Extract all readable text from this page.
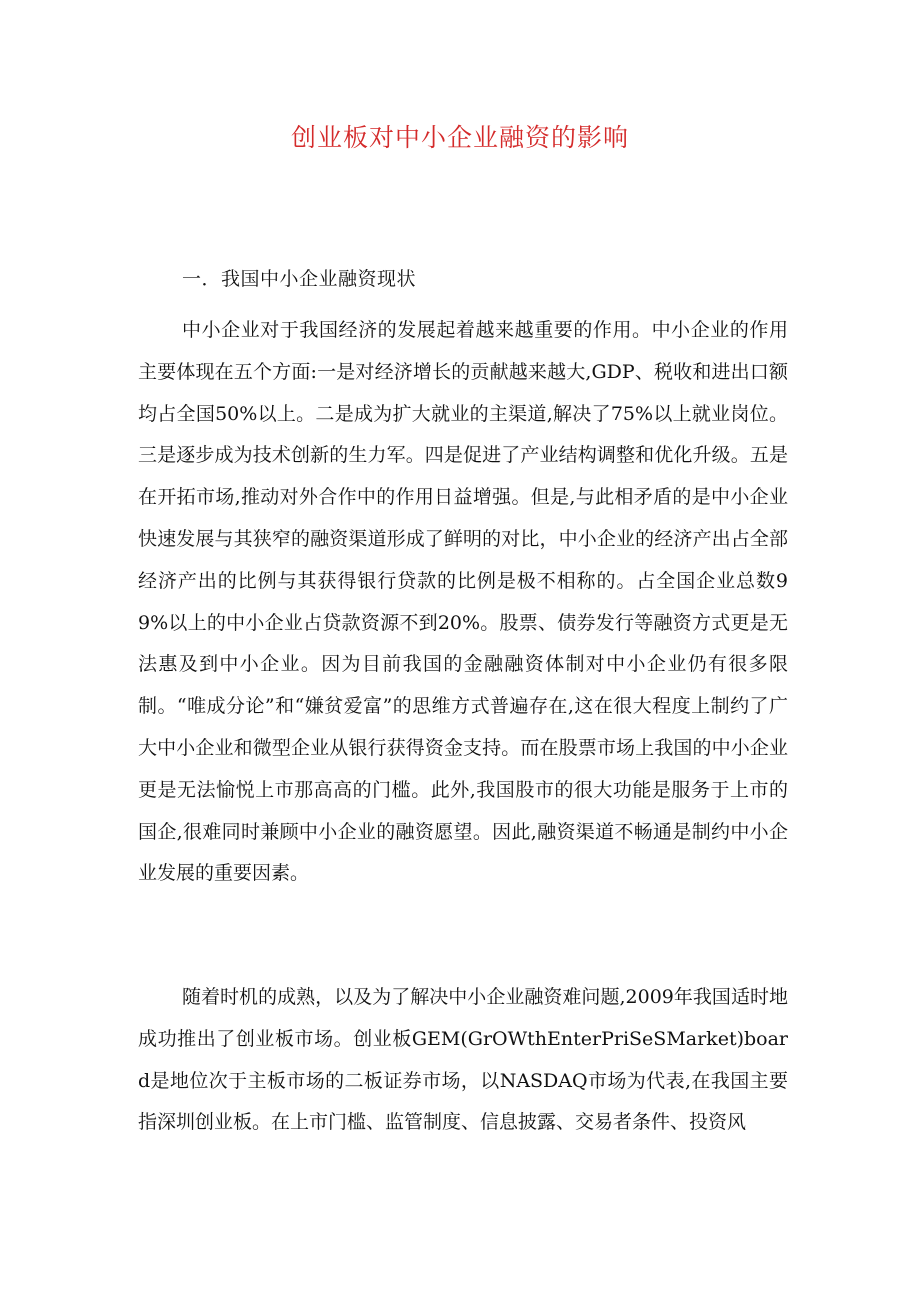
创业板对中小企业融资的影响
一．我国中小企业融资现状

中小企业对于我国经济的发展起着越来越重要的作用。中小企业的作用主要体现在五个方面:一是对经济增长的贡献越来越大,GDP、税收和进出口额均占全国50%以上。二是成为扩大就业的主渠道,解决了75%以上就业岗位。三是逐步成为技术创新的生力军。四是促进了产业结构调整和优化升级。五是在开拓市场,推动对外合作中的作用日益增强。但是,与此相矛盾的是中小企业快速发展与其狭窄的融资渠道形成了鲜明的对比，中小企业的经济产出占全部经济产出的比例与其获得银行贷款的比例是极不相称的。占全国企业总数99%以上的中小企业占贷款资源不到20%。股票、债券发行等融资方式更是无法惠及到中小企业。因为目前我国的金融融资体制对中小企业仍有很多限制。“唯成分论”和“嫌贫爱富”的思维方式普遍存在,这在很大程度上制约了广大中小企业和微型企业从银行获得资金支持。而在股票市场上我国的中小企业更是无法愉悦上市那高高的门槛。此外,我国股市的很大功能是服务于上市的国企,很难同时兼顾中小企业的融资愿望。因此,融资渠道不畅通是制约中小企业发展的重要因素。

随着时机的成熟，以及为了解决中小企业融资难问题,2009年我国适时地成功推出了创业板市场。创业板GEM(GrOWthEnterPriSeSMarket)board是地位次于主板市场的二板证券市场，以NASDAQ市场为代表,在我国主要指深圳创业板。在上市门槛、监管制度、信息披露、交易者条件、投资风
